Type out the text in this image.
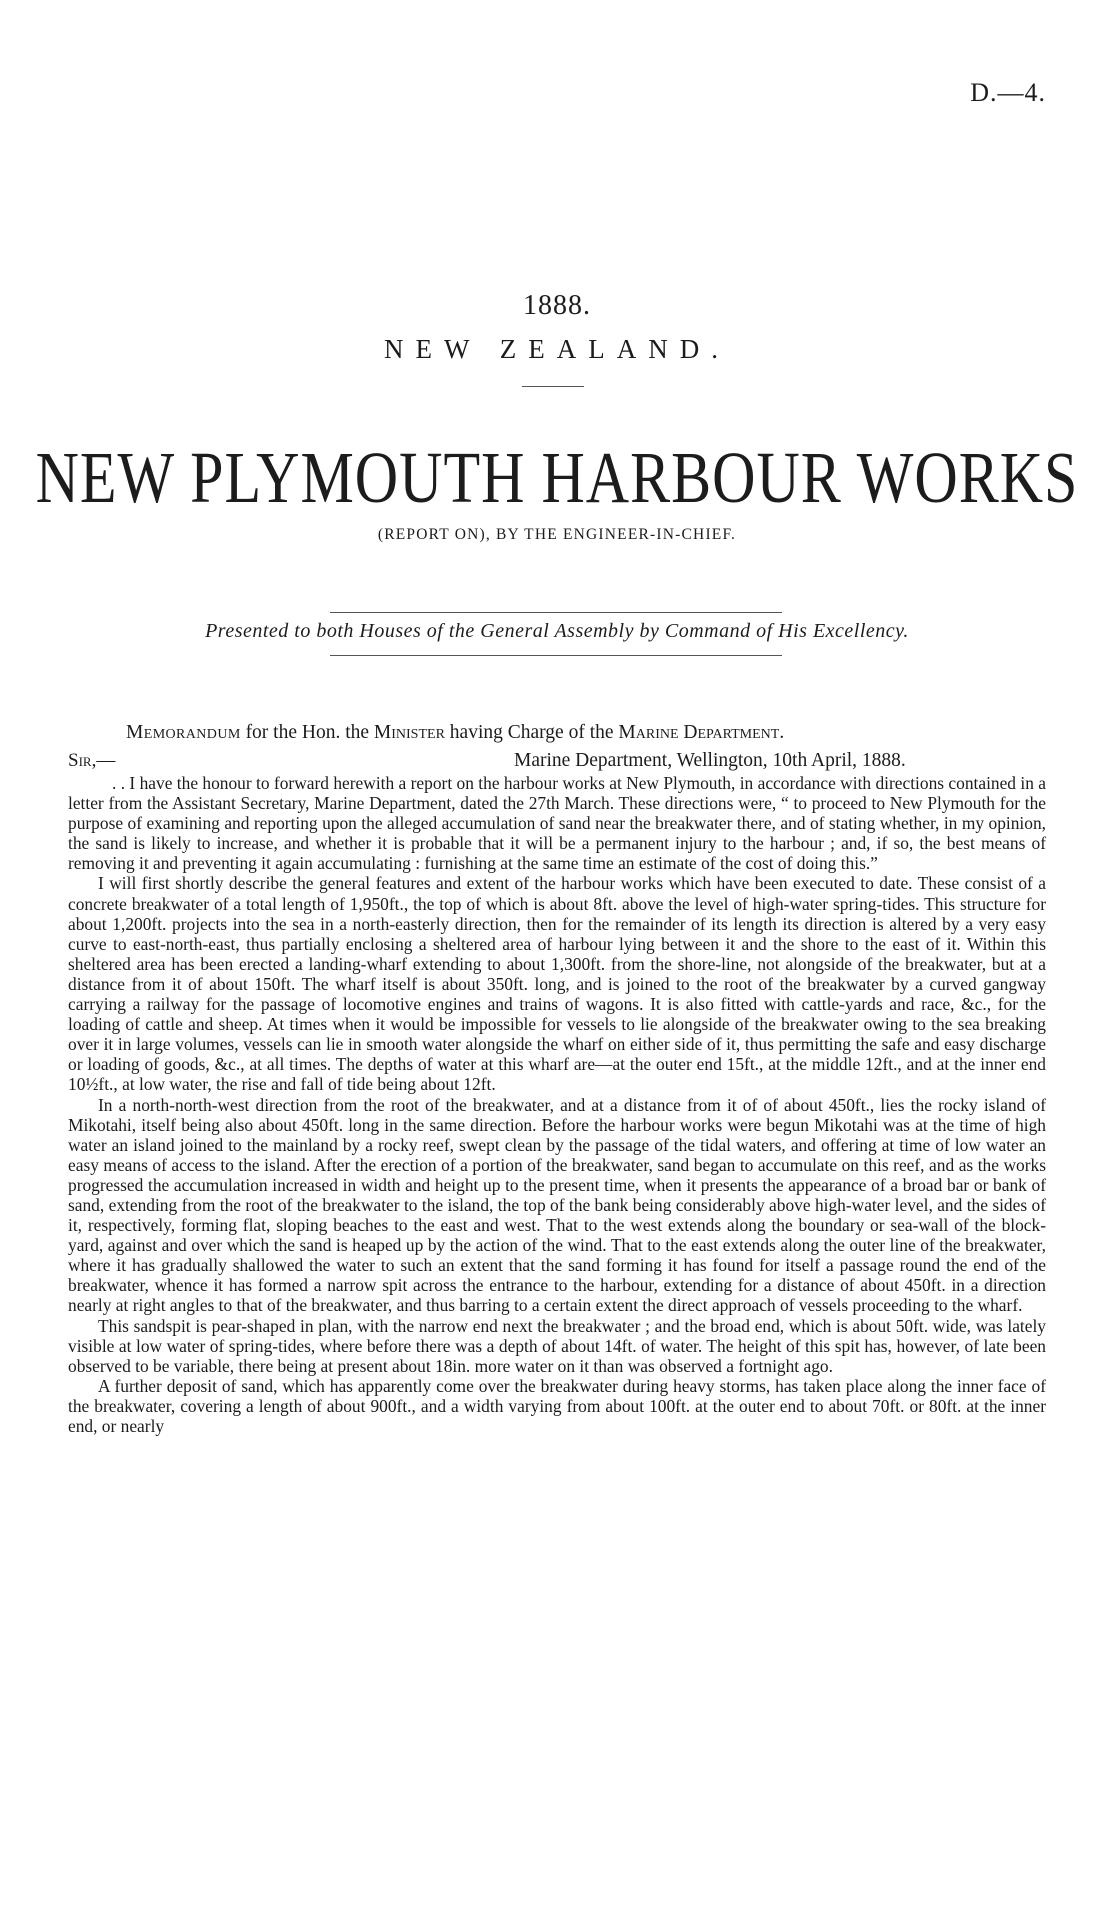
D.—4.
1888.
NEW ZEALAND.
NEW PLYMOUTH HARBOUR WORKS
(REPORT ON), BY THE ENGINEER-IN-CHIEF.
Presented to both Houses of the General Assembly by Command of His Excellency.
Memorandum for the Hon. the Minister having Charge of the Marine Department.
Sir,—	Marine Department, Wellington, 10th April, 1888.

. . I have the honour to forward herewith a report on the harbour works at New Plymouth, in accordance with directions contained in a letter from the Assistant Secretary, Marine Department, dated the 27th March. These directions were, “ to proceed to New Plymouth for the purpose of examining and reporting upon the alleged accumulation of sand near the breakwater there, and of stating whether, in my opinion, the sand is likely to increase, and whether it is probable that it will be a permanent injury to the harbour ; and, if so, the best means of removing it and preventing it again accumulating : furnishing at the same time an estimate of the cost of doing this.”

I will first shortly describe the general features and extent of the harbour works which have been executed to date. These consist of a concrete breakwater of a total length of 1,950ft., the top of which is about 8ft. above the level of high-water spring-tides. This structure for about 1,200ft. projects into the sea in a north-easterly direction, then for the remainder of its length its direction is altered by a very easy curve to east-north-east, thus partially enclosing a sheltered area of harbour lying between it and the shore to the east of it. Within this sheltered area has been erected a landing-wharf extending to about 1,300ft. from the shore-line, not alongside of the breakwater, but at a distance from it of about 150ft. The wharf itself is about 350ft. long, and is joined to the root of the breakwater by a curved gangway carrying a railway for the passage of locomotive engines and trains of wagons. It is also fitted with cattle-yards and race, &c., for the loading of cattle and sheep. At times when it would be impossible for vessels to lie alongside of the breakwater owing to the sea breaking over it in large volumes, vessels can lie in smooth water alongside the wharf on either side of it, thus permitting the safe and easy discharge or loading of goods, &c., at all times. The depths of water at this wharf are—at the outer end 15ft., at the middle 12ft., and at the inner end 10½ft., at low water, the rise and fall of tide being about 12ft.

In a north-north-west direction from the root of the breakwater, and at a distance from it of of about 450ft., lies the rocky island of Mikotahi, itself being also about 450ft. long in the same direction. Before the harbour works were begun Mikotahi was at the time of high water an island joined to the mainland by a rocky reef, swept clean by the passage of the tidal waters, and offering at time of low water an easy means of access to the island. After the erection of a portion of the breakwater, sand began to accumulate on this reef, and as the works progressed the accumulation increased in width and height up to the present time, when it presents the appearance of a broad bar or bank of sand, extending from the root of the breakwater to the island, the top of the bank being considerably above high-water level, and the sides of it, respectively, forming flat, sloping beaches to the east and west. That to the west extends along the boundary or sea-wall of the block-yard, against and over which the sand is heaped up by the action of the wind. That to the east extends along the outer line of the breakwater, where it has gradually shallowed the water to such an extent that the sand forming it has found for itself a passage round the end of the breakwater, whence it has formed a narrow spit across the entrance to the harbour, extending for a distance of about 450ft. in a direction nearly at right angles to that of the breakwater, and thus barring to a certain extent the direct approach of vessels proceeding to the wharf.

This sandspit is pear-shaped in plan, with the narrow end next the breakwater ; and the broad end, which is about 50ft. wide, was lately visible at low water of spring-tides, where before there was a depth of about 14ft. of water. The height of this spit has, however, of late been observed to be variable, there being at present about 18in. more water on it than was observed a fortnight ago.

A further deposit of sand, which has apparently come over the breakwater during heavy storms, has taken place along the inner face of the breakwater, covering a length of about 900ft., and a width varying from about 100ft. at the outer end to about 70ft. or 80ft. at the inner end, or nearly
